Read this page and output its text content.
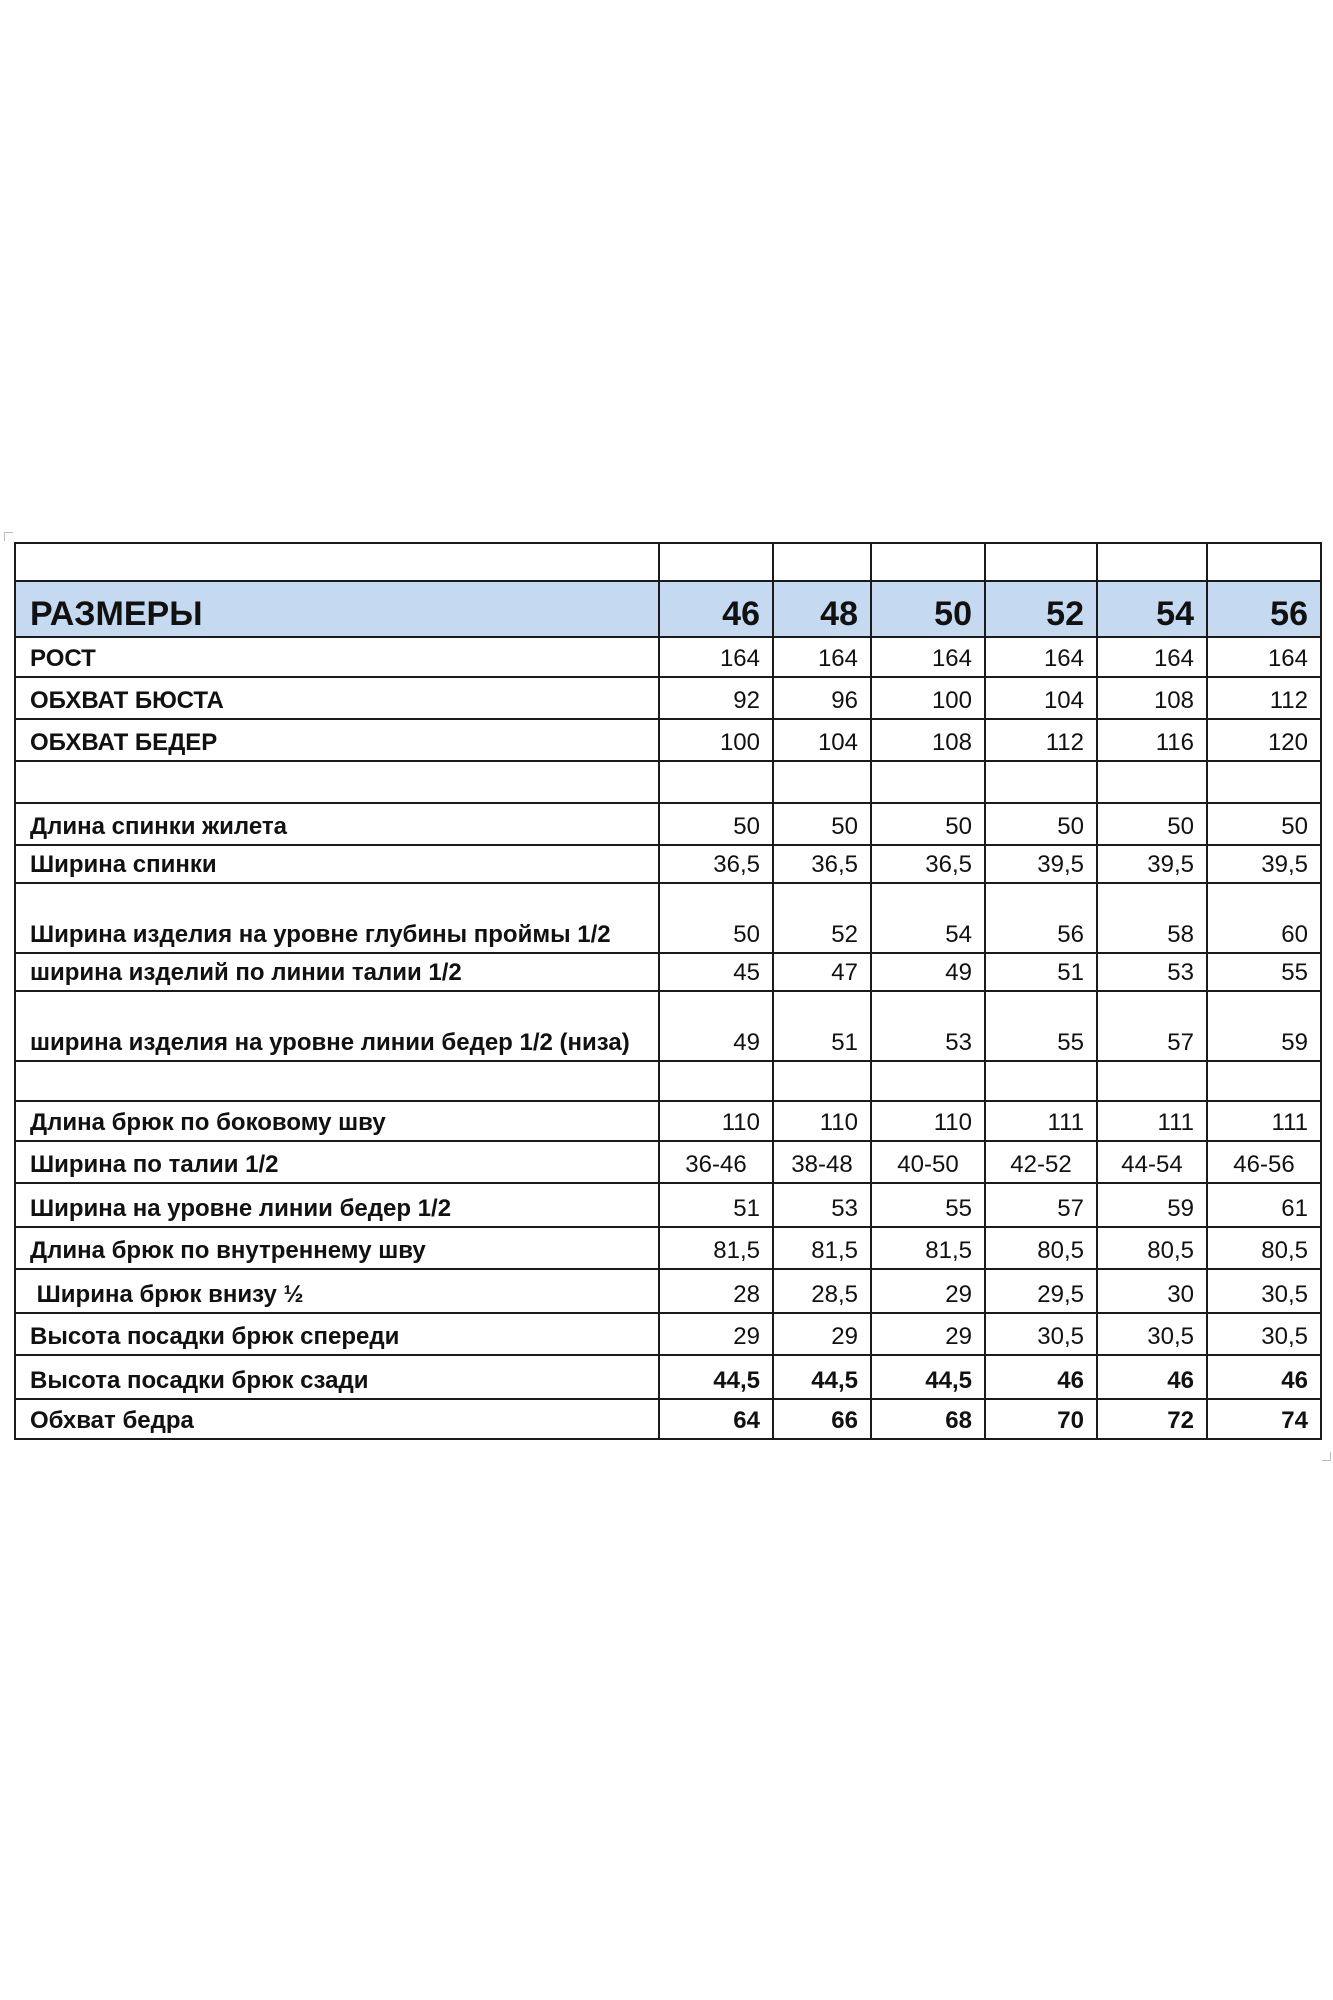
РАЗМЕРЫ	46	48	50	52	54	56
РОСТ	164	164	164	164	164	164
ОБХВАТ БЮСТА	92	96	100	104	108	112
ОБХВАТ БЕДЕР	100	104	108	112	116	120

Длина спинки жилета	50	50	50	50	50	50
Ширина спинки	36,5	36,5	36,5	39,5	39,5	39,5
Ширина изделия на уровне глубины проймы 1/2	50	52	54	56	58	60
ширина изделий по линии талии 1/2	45	47	49	51	53	55
ширина изделия на уровне линии бедер 1/2 (низа)	49	51	53	55	57	59

Длина брюк по боковому шву	110	110	110	111	111	111
Ширина по талии 1/2	36-46	38-48	40-50	42-52	44-54	46-56
Ширина на уровне линии бедер 1/2	51	53	55	57	59	61
Длина брюк по внутреннему шву	81,5	81,5	81,5	80,5	80,5	80,5
Ширина брюк внизу ½	28	28,5	29	29,5	30	30,5
Высота посадки брюк спереди	29	29	29	30,5	30,5	30,5
Высота посадки брюк сзади	44,5	44,5	44,5	46	46	46
Обхват бедра	64	66	68	70	72	74
